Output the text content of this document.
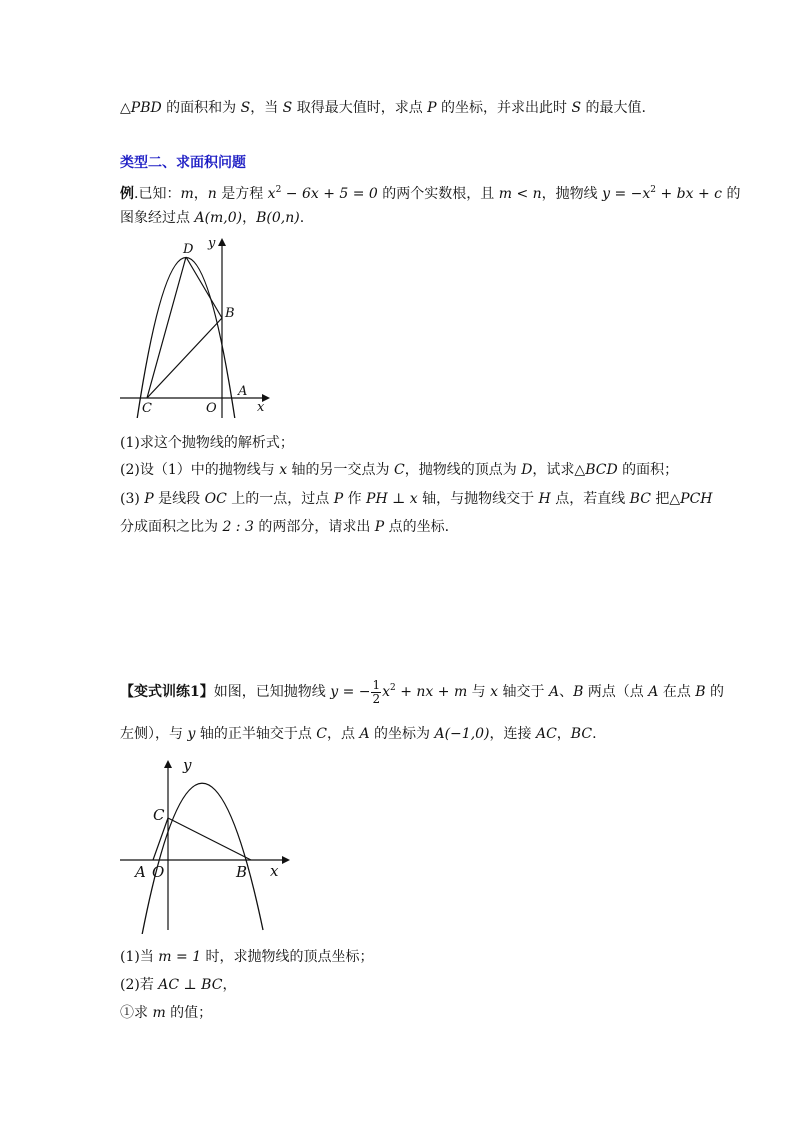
△PBD 的面积和为 S，当 S 取得最大值时，求点 P 的坐标，并求出此时 S 的最大值.
类型二、求面积问题
例.已知：m，n 是方程 $x^2 - 6x + 5 = 0$ 的两个实数根，且 m < n，抛物线 $y = -x^2$ + bx + c 的
图象经过点 A(m,0)，B(0,n).
D y
B
A
C	O	x
(1)求这个抛物线的解析式；
(2)设（1）中的抛物线与 x 轴的另一交点为 C，抛物线的顶点为 D，试求△BCD 的面积；
(3) P 是线段 OC 上的一点，过点 P 作 PH ⊥ x 轴，与抛物线交于 H 点，若直线 BC 把△PCH
分成面积之比为 2 : 3 的两部分，请求出 P 点的坐标.
【变式训练1】如图，已知抛物线 y = − $\frac{1}{2} x^2$ + nx + m 与 x 轴交于 A、B 两点（点 A 在点 B 的
左侧），与 y 轴的正半轴交于点 C，点 A 的坐标为 A(−1,0)，连接 AC，BC.
y
C
A O	B x
(1)当 m = 1 时，求抛物线的顶点坐标；
(2)若 AC ⊥ BC，
①求 m 的值；
